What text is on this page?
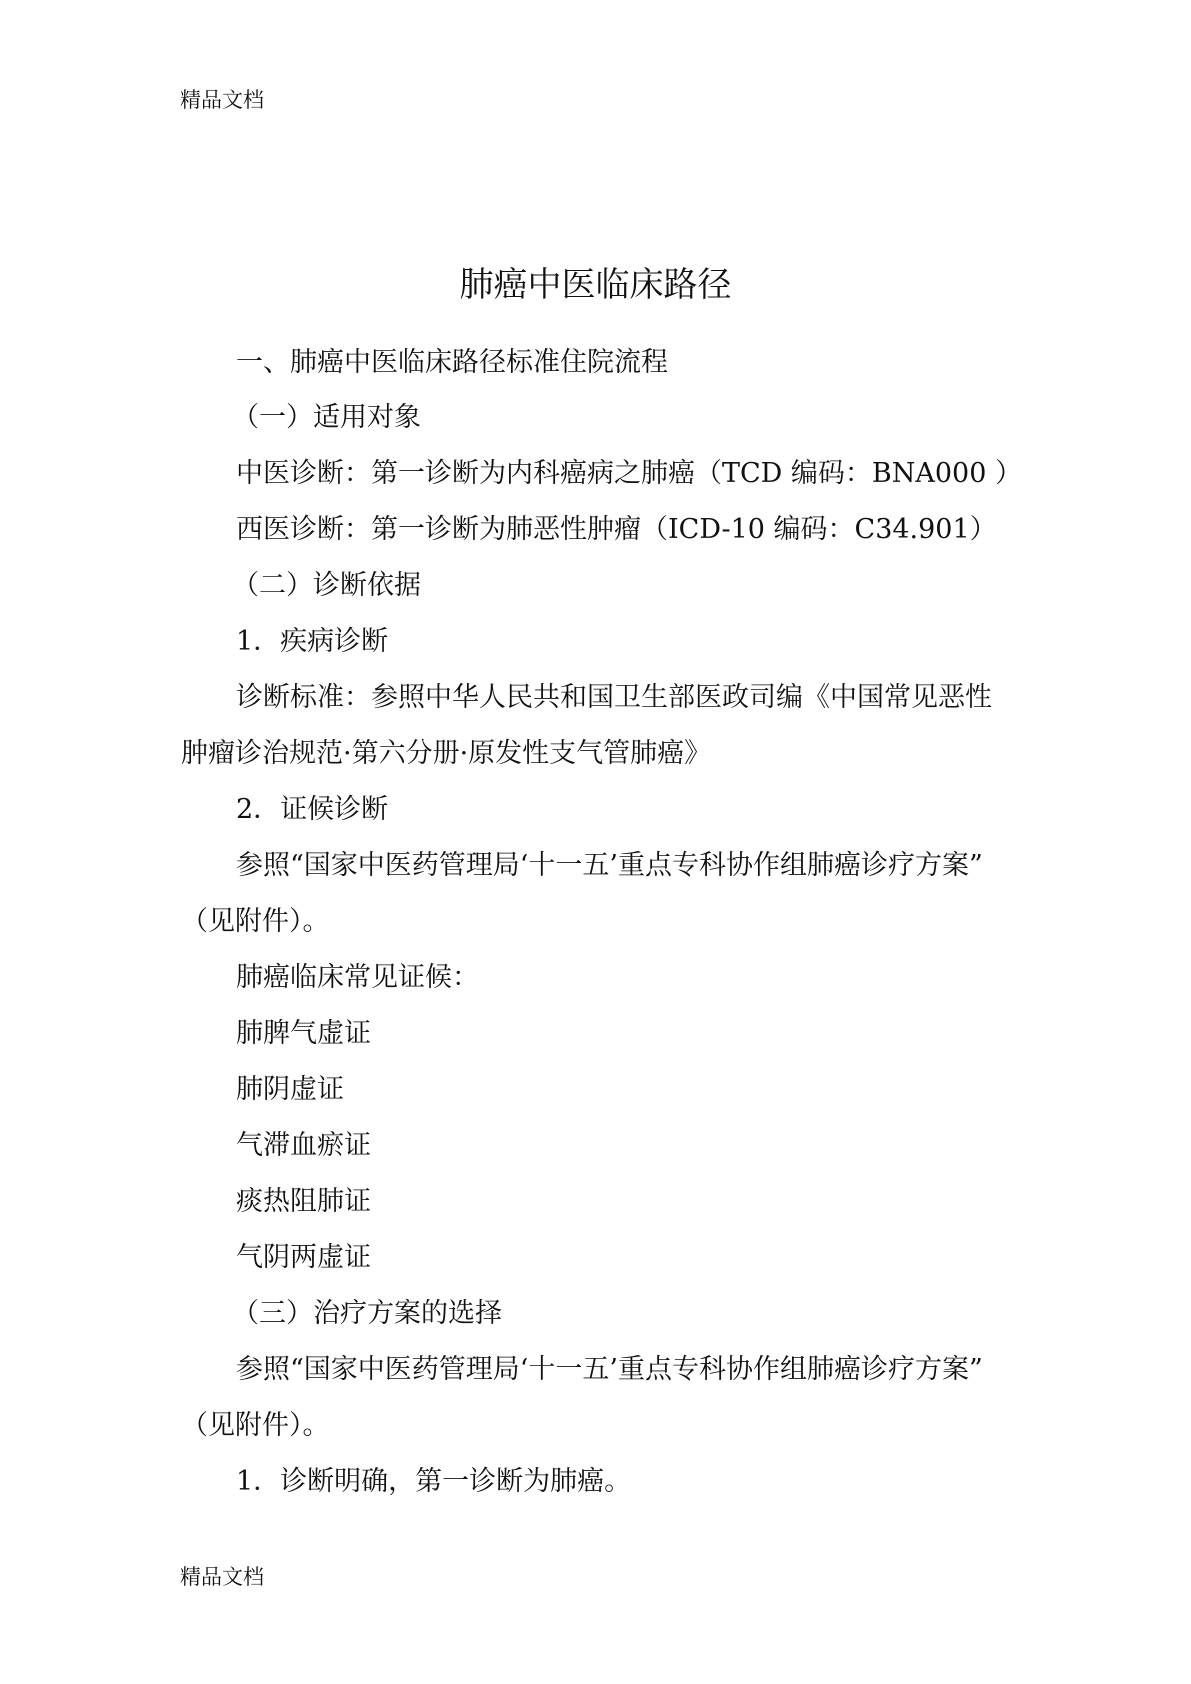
精品文档
肺癌中医临床路径
一、肺癌中医临床路径标准住院流程
（一）适用对象
中医诊断：第一诊断为内科癌病之肺癌（TCD 编码：BNA000 ）
西医诊断：第一诊断为肺恶性肿瘤（ICD-10 编码：C34.901）
（二）诊断依据
1．疾病诊断
诊断标准：参照中华人民共和国卫生部医政司编《中国常见恶性
肿瘤诊治规范·第六分册·原发性支气管肺癌》
2．证候诊断
参照“国家中医药管理局‘十一五’重点专科协作组肺癌诊疗方案”
（见附件）。
肺癌临床常见证候：
肺脾气虚证
肺阴虚证
气滞血瘀证
痰热阻肺证
气阴两虚证
（三）治疗方案的选择
参照“国家中医药管理局‘十一五’重点专科协作组肺癌诊疗方案”
（见附件）。
1．诊断明确，第一诊断为肺癌。
精品文档
